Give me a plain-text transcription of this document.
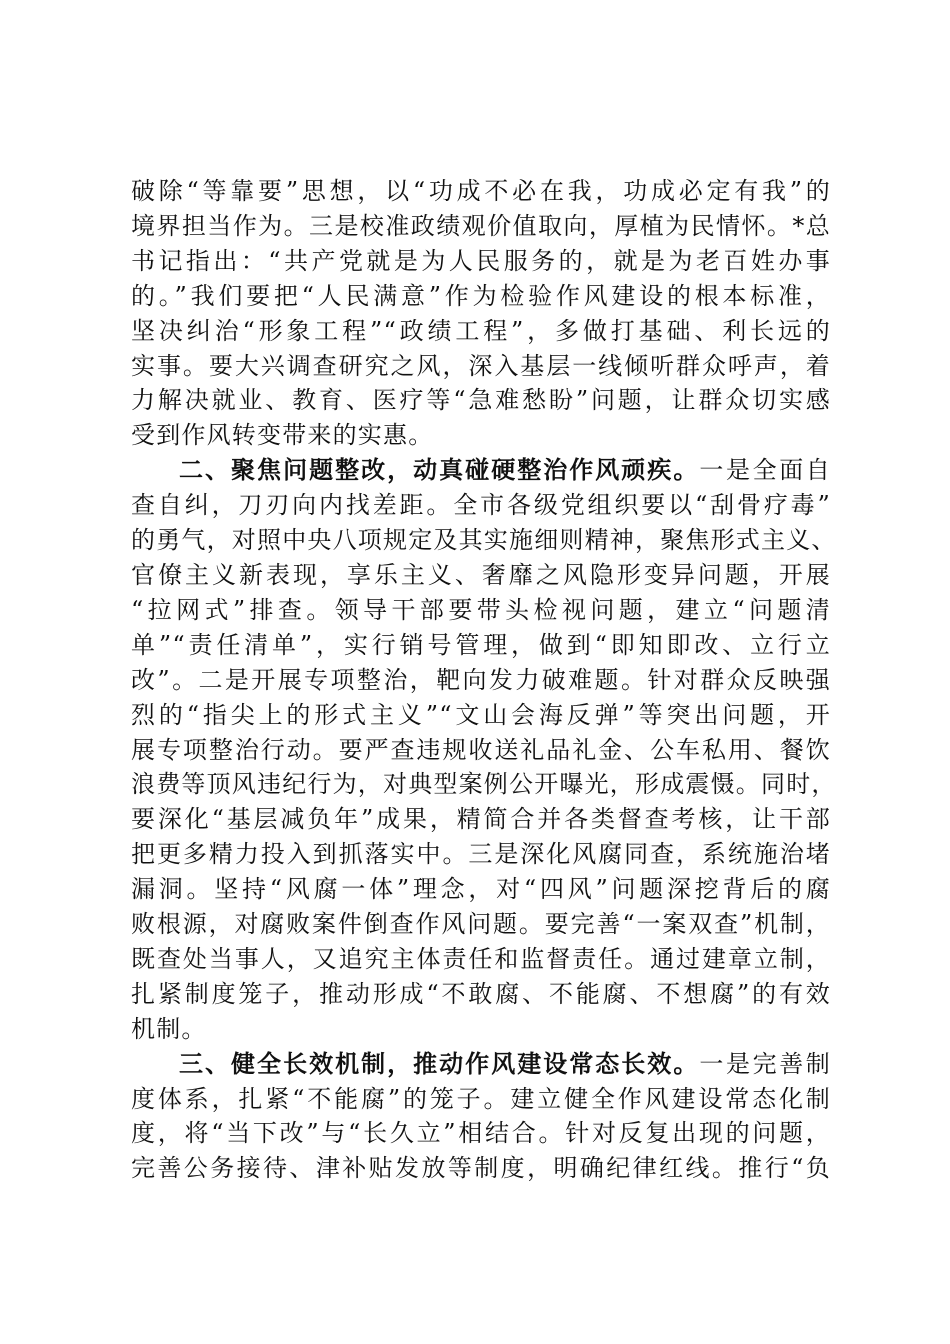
破除“等靠要”思想，以“功成不必在我，功成必定有我”的
境界担当作为。三是校准政绩观价值取向，厚植为民情怀。*总
书记指出：“共产党就是为人民服务的，就是为老百姓办事
的。”我们要把“人民满意”作为检验作风建设的根本标准，
坚决纠治“形象工程”“政绩工程”，多做打基础、利长远的
实事。要大兴调查研究之风，深入基层一线倾听群众呼声，着
力解决就业、教育、医疗等“急难愁盼”问题，让群众切实感
受到作风转变带来的实惠。
二、聚焦问题整改，动真碰硬整治作风顽疾。一是全面自
查自纠，刀刃向内找差距。全市各级党组织要以“刮骨疗毒”
的勇气，对照中央八项规定及其实施细则精神，聚焦形式主义、
官僚主义新表现，享乐主义、奢靡之风隐形变异问题，开展
“拉网式”排查。领导干部要带头检视问题，建立“问题清
单”“责任清单”，实行销号管理，做到“即知即改、立行立
改”。二是开展专项整治，靶向发力破难题。针对群众反映强
烈的“指尖上的形式主义”“文山会海反弹”等突出问题，开
展专项整治行动。要严查违规收送礼品礼金、公车私用、餐饮
浪费等顶风违纪行为，对典型案例公开曝光，形成震慑。同时，
要深化“基层减负年”成果，精简合并各类督查考核，让干部
把更多精力投入到抓落实中。三是深化风腐同查，系统施治堵
漏洞。坚持“风腐一体”理念，对“四风”问题深挖背后的腐
败根源，对腐败案件倒查作风问题。要完善“一案双查”机制，
既查处当事人，又追究主体责任和监督责任。通过建章立制，
扎紧制度笼子，推动形成“不敢腐、不能腐、不想腐”的有效
机制。
三、健全长效机制，推动作风建设常态长效。一是完善制
度体系，扎紧“不能腐”的笼子。建立健全作风建设常态化制
度，将“当下改”与“长久立”相结合。针对反复出现的问题，
完善公务接待、津补贴发放等制度，明确纪律红线。推行“负
